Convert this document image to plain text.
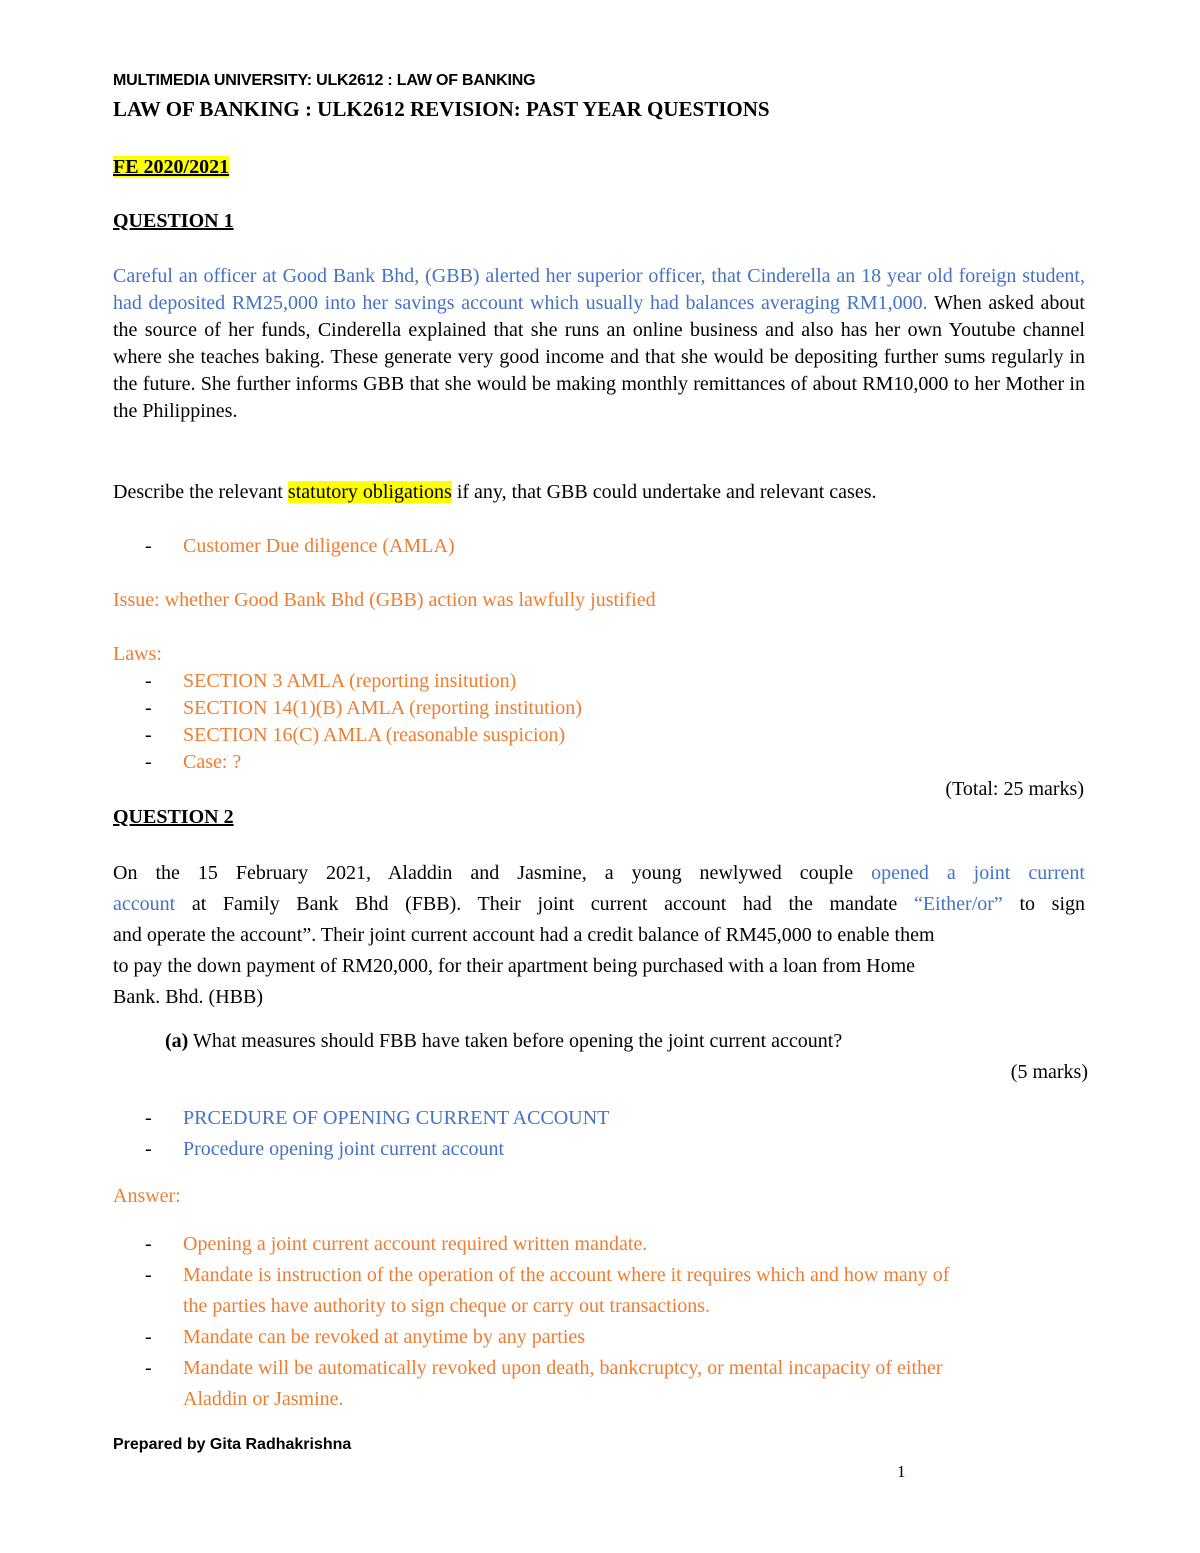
MULTIMEDIA UNIVERSITY: ULK2612 : LAW OF BANKING
LAW OF BANKING : ULK2612 REVISION: PAST YEAR QUESTIONS
FE 2020/2021
QUESTION 1
Careful an officer at Good Bank Bhd, (GBB) alerted her superior officer, that Cinderella an 18 year old foreign student, had deposited RM25,000 into her savings account which usually had balances averaging RM1,000. When asked about the source of her funds, Cinderella explained that she runs an online business and also has her own Youtube channel where she teaches baking. These generate very good income and that she would be depositing further sums regularly in the future. She further informs GBB that she would be making monthly remittances of about RM10,000 to her Mother in the Philippines.
Describe the relevant statutory obligations if any, that GBB could undertake and relevant cases.
- Customer Due diligence (AMLA)
Issue: whether Good Bank Bhd (GBB) action was lawfully justified
Laws:
- SECTION 3 AMLA (reporting insitution)
- SECTION 14(1)(B) AMLA (reporting institution)
- SECTION 16(C) AMLA (reasonable suspicion)
- Case: ?
(Total: 25 marks)
QUESTION 2
On the 15 February 2021, Aladdin and Jasmine, a young newlywed couple opened a joint current
account at Family Bank Bhd (FBB). Their joint current account had the mandate “Either/or” to sign
and operate the account”. Their joint current account had a credit balance of RM45,000 to enable them
to pay the down payment of RM20,000, for their apartment being purchased with a loan from Home
Bank. Bhd. (HBB)
(a) What measures should FBB have taken before opening the joint current account?
(5 marks)
- PRCEDURE OF OPENING CURRENT ACCOUNT
- Procedure opening joint current account
Answer:
- Opening a joint current account required written mandate.
- Mandate is instruction of the operation of the account where it requires which and how many of
the parties have authority to sign cheque or carry out transactions.
- Mandate can be revoked at anytime by any parties
- Mandate will be automatically revoked upon death, bankcruptcy, or mental incapacity of either
Aladdin or Jasmine.
Prepared by Gita Radhakrishna
1
